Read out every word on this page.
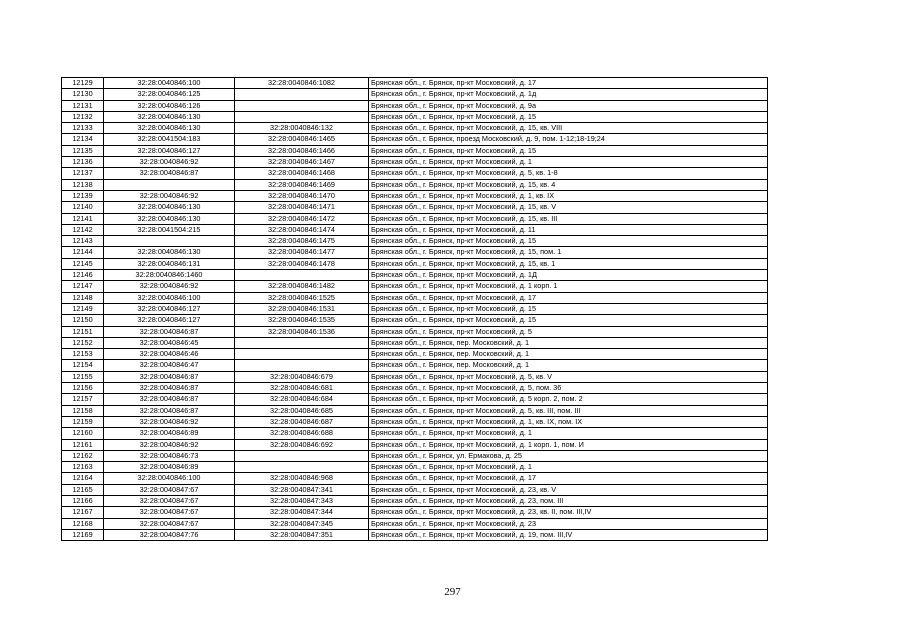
12129	32:28:0040846:100	32:28:0040846:1082	Брянская обл., г. Брянск, пр-кт Московский, д. 17
12130	32:28:0040846:125		Брянская обл., г. Брянск, пр-кт Московский, д. 1д
12131	32:28:0040846:126		Брянская обл., г. Брянск, пр-кт Московский, д. 9а
12132	32:28:0040846:130		Брянская обл., г. Брянск, пр-кт Московский, д. 15
12133	32:28:0040846:130	32:28:0040846:132	Брянская обл., г. Брянск, пр-кт Московский, д. 15, кв. VIII
12134	32:28:0041504:183	32:28:0040846:1465	Брянская обл., г. Брянск, проезд Московский, д. 9, пом. 1-12;18-19;24
12135	32:28:0040846:127	32:28:0040846:1466	Брянская обл., г. Брянск, пр-кт Московский, д. 15
12136	32:28:0040846:92	32:28:0040846:1467	Брянская обл., г. Брянск, пр-кт Московский, д. 1
12137	32:28:0040846:87	32:28:0040846:1468	Брянская обл., г. Брянск, пр-кт Московский, д. 5, кв. 1-8
12138		32:28:0040846:1469	Брянская обл., г. Брянск, пр-кт Московский, д. 15, кв. 4
12139	32:28:0040846:92	32:28:0040846:1470	Брянская обл., г. Брянск, пр-кт Московский, д. 1, кв. IX
12140	32:28:0040846:130	32:28:0040846:1471	Брянская обл., г. Брянск, пр-кт Московский, д. 15, кв. V
12141	32:28:0040846:130	32:28:0040846:1472	Брянская обл., г. Брянск, пр-кт Московский, д. 15, кв. III
12142	32:28:0041504:215	32:28:0040846:1474	Брянская обл., г. Брянск, пр-кт Московский, д. 11
12143		32:28:0040846:1475	Брянская обл., г. Брянск, пр-кт Московский, д. 15
12144	32:28:0040846:130	32:28:0040846:1477	Брянская обл., г. Брянск, пр-кт Московский, д. 15, пом. 1
12145	32:28:0040846:131	32:28:0040846:1478	Брянская обл., г. Брянск, пр-кт Московский, д. 15, кв. 1
12146	32:28:0040846:1460		Брянская обл., г. Брянск, пр-кт Московский, д. 1Д
12147	32:28:0040846:92	32:28:0040846:1482	Брянская обл., г. Брянск, пр-кт Московский, д. 1 корп. 1
12148	32:28:0040846:100	32:28:0040846:1525	Брянская обл., г. Брянск, пр-кт Московский, д. 17
12149	32:28:0040846:127	32:28:0040846:1531	Брянская обл., г. Брянск, пр-кт Московский, д. 15
12150	32:28:0040846:127	32:28:0040846:1535	Брянская обл., г. Брянск, пр-кт Московский, д. 15
12151	32:28:0040846:87	32:28:0040846:1536	Брянская обл., г. Брянск, пр-кт Московский, д. 5
12152	32:28:0040846:45		Брянская обл., г. Брянск, пер. Московский, д. 1
12153	32:28:0040846:46		Брянская обл., г. Брянск, пер. Московский, д. 1
12154	32:28:0040846:47		Брянская обл., г. Брянск, пер. Московский, д. 1
12155	32:28:0040846:87	32:28:0040846:679	Брянская обл., г. Брянск, пр-кт Московский, д. 5, кв. V
12156	32:28:0040846:87	32:28:0040846:681	Брянская обл., г. Брянск, пр-кт Московский, д. 5, пом. 36
12157	32:28:0040846:87	32:28:0040846:684	Брянская обл., г. Брянск, пр-кт Московский, д. 5 корп. 2, пом. 2
12158	32:28:0040846:87	32:28:0040846:685	Брянская обл., г. Брянск, пр-кт Московский, д. 5, кв. III, пом. III
12159	32:28:0040846:92	32:28:0040846:687	Брянская обл., г. Брянск, пр-кт Московский, д. 1, кв. IX, пом. IX
12160	32:28:0040846:89	32:28:0040846:688	Брянская обл., г. Брянск, пр-кт Московский, д. 1
12161	32:28:0040846:92	32:28:0040846:692	Брянская обл., г. Брянск, пр-кт Московский, д. 1 корп. 1, пом. И
12162	32:28:0040846:73		Брянская обл., г. Брянск, ул. Ермакова, д. 25
12163	32:28:0040846:89		Брянская обл., г. Брянск, пр-кт Московский, д. 1
12164	32:28:0040846:100	32:28:0040846:968	Брянская обл., г. Брянск, пр-кт Московский, д. 17
12165	32:28:0040847:67	32:28:0040847:341	Брянская обл., г. Брянск, пр-кт Московский, д. 23, кв. V
12166	32:28:0040847:67	32:28:0040847:343	Брянская обл., г. Брянск, пр-кт Московский, д. 23, пом. III
12167	32:28:0040847:67	32:28:0040847:344	Брянская обл., г. Брянск, пр-кт Московский, д. 23, кв. II, пом. III,IV
12168	32:28:0040847:67	32:28:0040847:345	Брянская обл., г. Брянск, пр-кт Московский, д. 23
12169	32:28:0040847:76	32:28:0040847:351	Брянская обл., г. Брянск, пр-кт Московский, д. 19, пом. III,IV
297
